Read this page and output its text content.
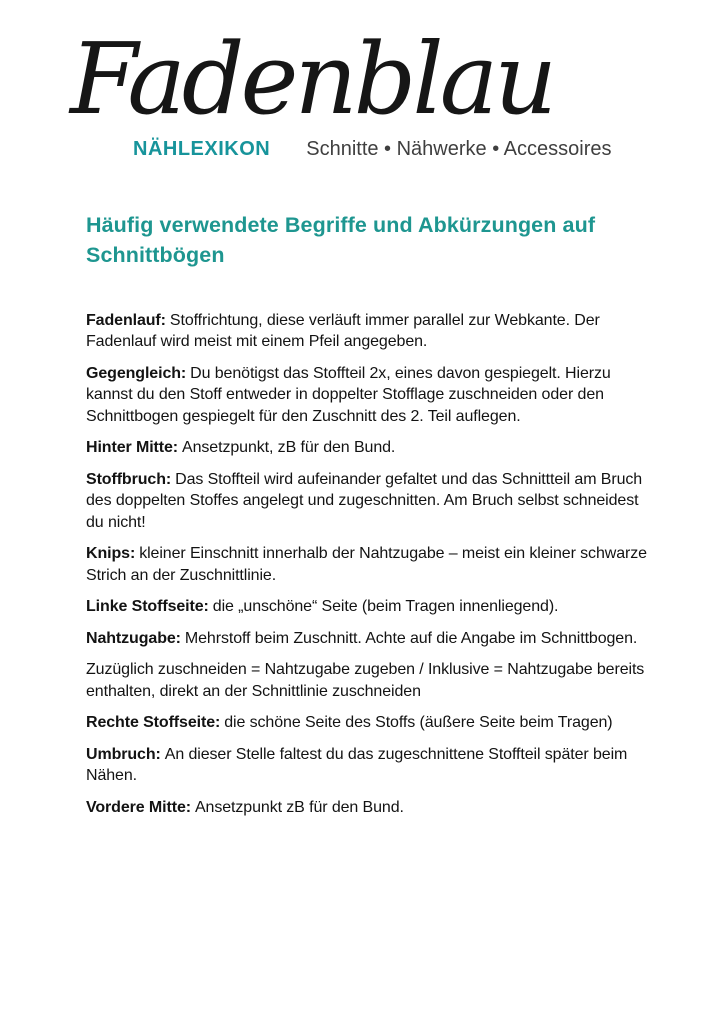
Fadenblau
NÄHLEXIKON Schnitte • Nähwerke • Accessoires
Häufig verwendete Begriffe und Abkürzungen auf Schnittbögen

Fadenlauf: Stoffrichtung, diese verläuft immer parallel zur Webkante. Der Fadenlauf wird meist mit einem Pfeil angegeben.

Gegengleich: Du benötigst das Stoffteil 2x, eines davon gespiegelt. Hierzu kannst du den Stoff entweder in doppelter Stofflage zuschneiden oder den Schnittbogen gespiegelt für den Zuschnitt des 2. Teil auflegen.

Hinter Mitte: Ansetzpunkt, zB für den Bund.

Stoffbruch: Das Stoffteil wird aufeinander gefaltet und das Schnittteil am Bruch des doppelten Stoffes angelegt und zugeschnitten. Am Bruch selbst schneidest du nicht!

Knips: kleiner Einschnitt innerhalb der Nahtzugabe – meist ein kleiner schwarze Strich an der Zuschnittlinie.

Linke Stoffseite: die „unschöne“ Seite (beim Tragen innenliegend).

Nahtzugabe: Mehrstoff beim Zuschnitt. Achte auf die Angabe im Schnittbogen.

Zuzüglich zuschneiden = Nahtzugabe zugeben / Inklusive = Nahtzugabe bereits enthalten, direkt an der Schnittlinie zuschneiden

Rechte Stoffseite: die schöne Seite des Stoffs (äußere Seite beim Tragen)

Umbruch: An dieser Stelle faltest du das zugeschnittene Stoffteil später beim Nähen.

Vordere Mitte: Ansetzpunkt zB für den Bund.
